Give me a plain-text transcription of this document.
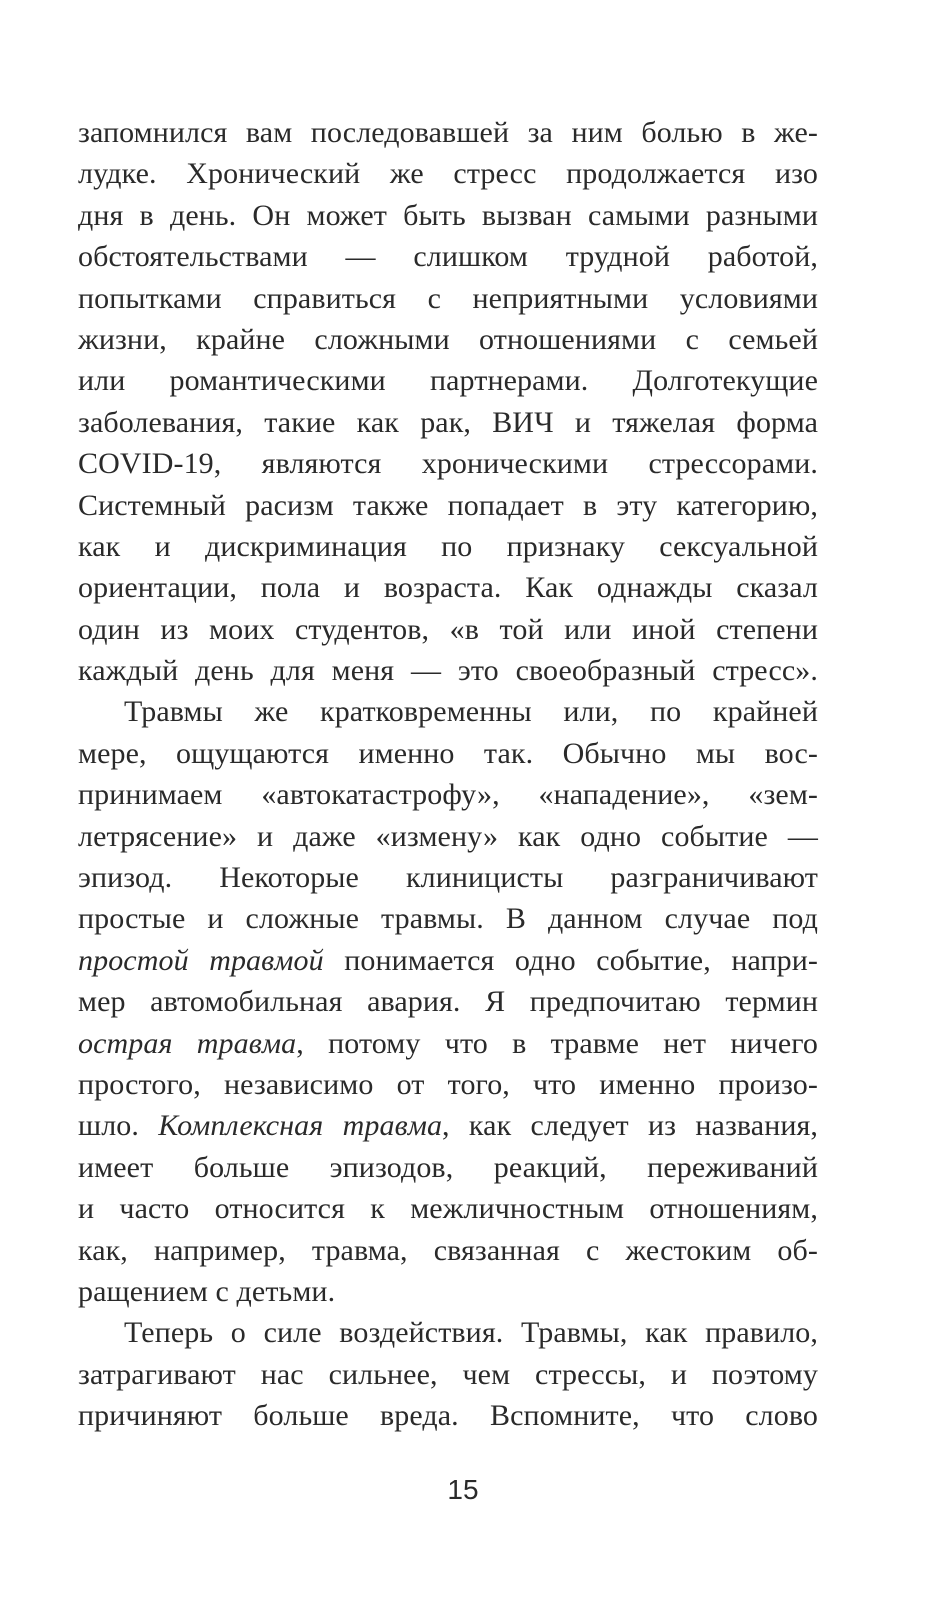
запомнился вам последовавшей за ним болью в же-
лудке. Хронический же стресс продолжается изо
дня в день. Он может быть вызван самыми разными
обстоятельствами — слишком трудной работой,
попытками справиться с неприятными условиями
жизни, крайне сложными отношениями с семьей
или романтическими партнерами. Долготекущие
заболевания, такие как рак, ВИЧ и тяжелая форма
COVID-19, являются хроническими стрессорами.
Системный расизм также попадает в эту категорию,
как и дискриминация по признаку сексуальной
ориентации, пола и возраста. Как однажды сказал
один из моих студентов, «в той или иной степени
каждый день для меня — это своеобразный стресс».
Травмы же кратковременны или, по крайней
мере, ощущаются именно так. Обычно мы вос-
принимаем «автокатастрофу», «нападение», «зем-
летрясение» и даже «измену» как одно событие —
эпизод. Некоторые клиницисты разграничивают
простые и сложные травмы. В данном случае под
простой травмой понимается одно событие, напри-
мер автомобильная авария. Я предпочитаю термин
острая травма, потому что в травме нет ничего
простого, независимо от того, что именно произо-
шло. Комплексная травма, как следует из названия,
имеет больше эпизодов, реакций, переживаний
и часто относится к межличностным отношениям,
как, например, травма, связанная с жестоким об-
ращением с детьми.
Теперь о силе воздействия. Травмы, как правило,
затрагивают нас сильнее, чем стрессы, и поэтому
причиняют больше вреда. Вспомните, что слово
15
